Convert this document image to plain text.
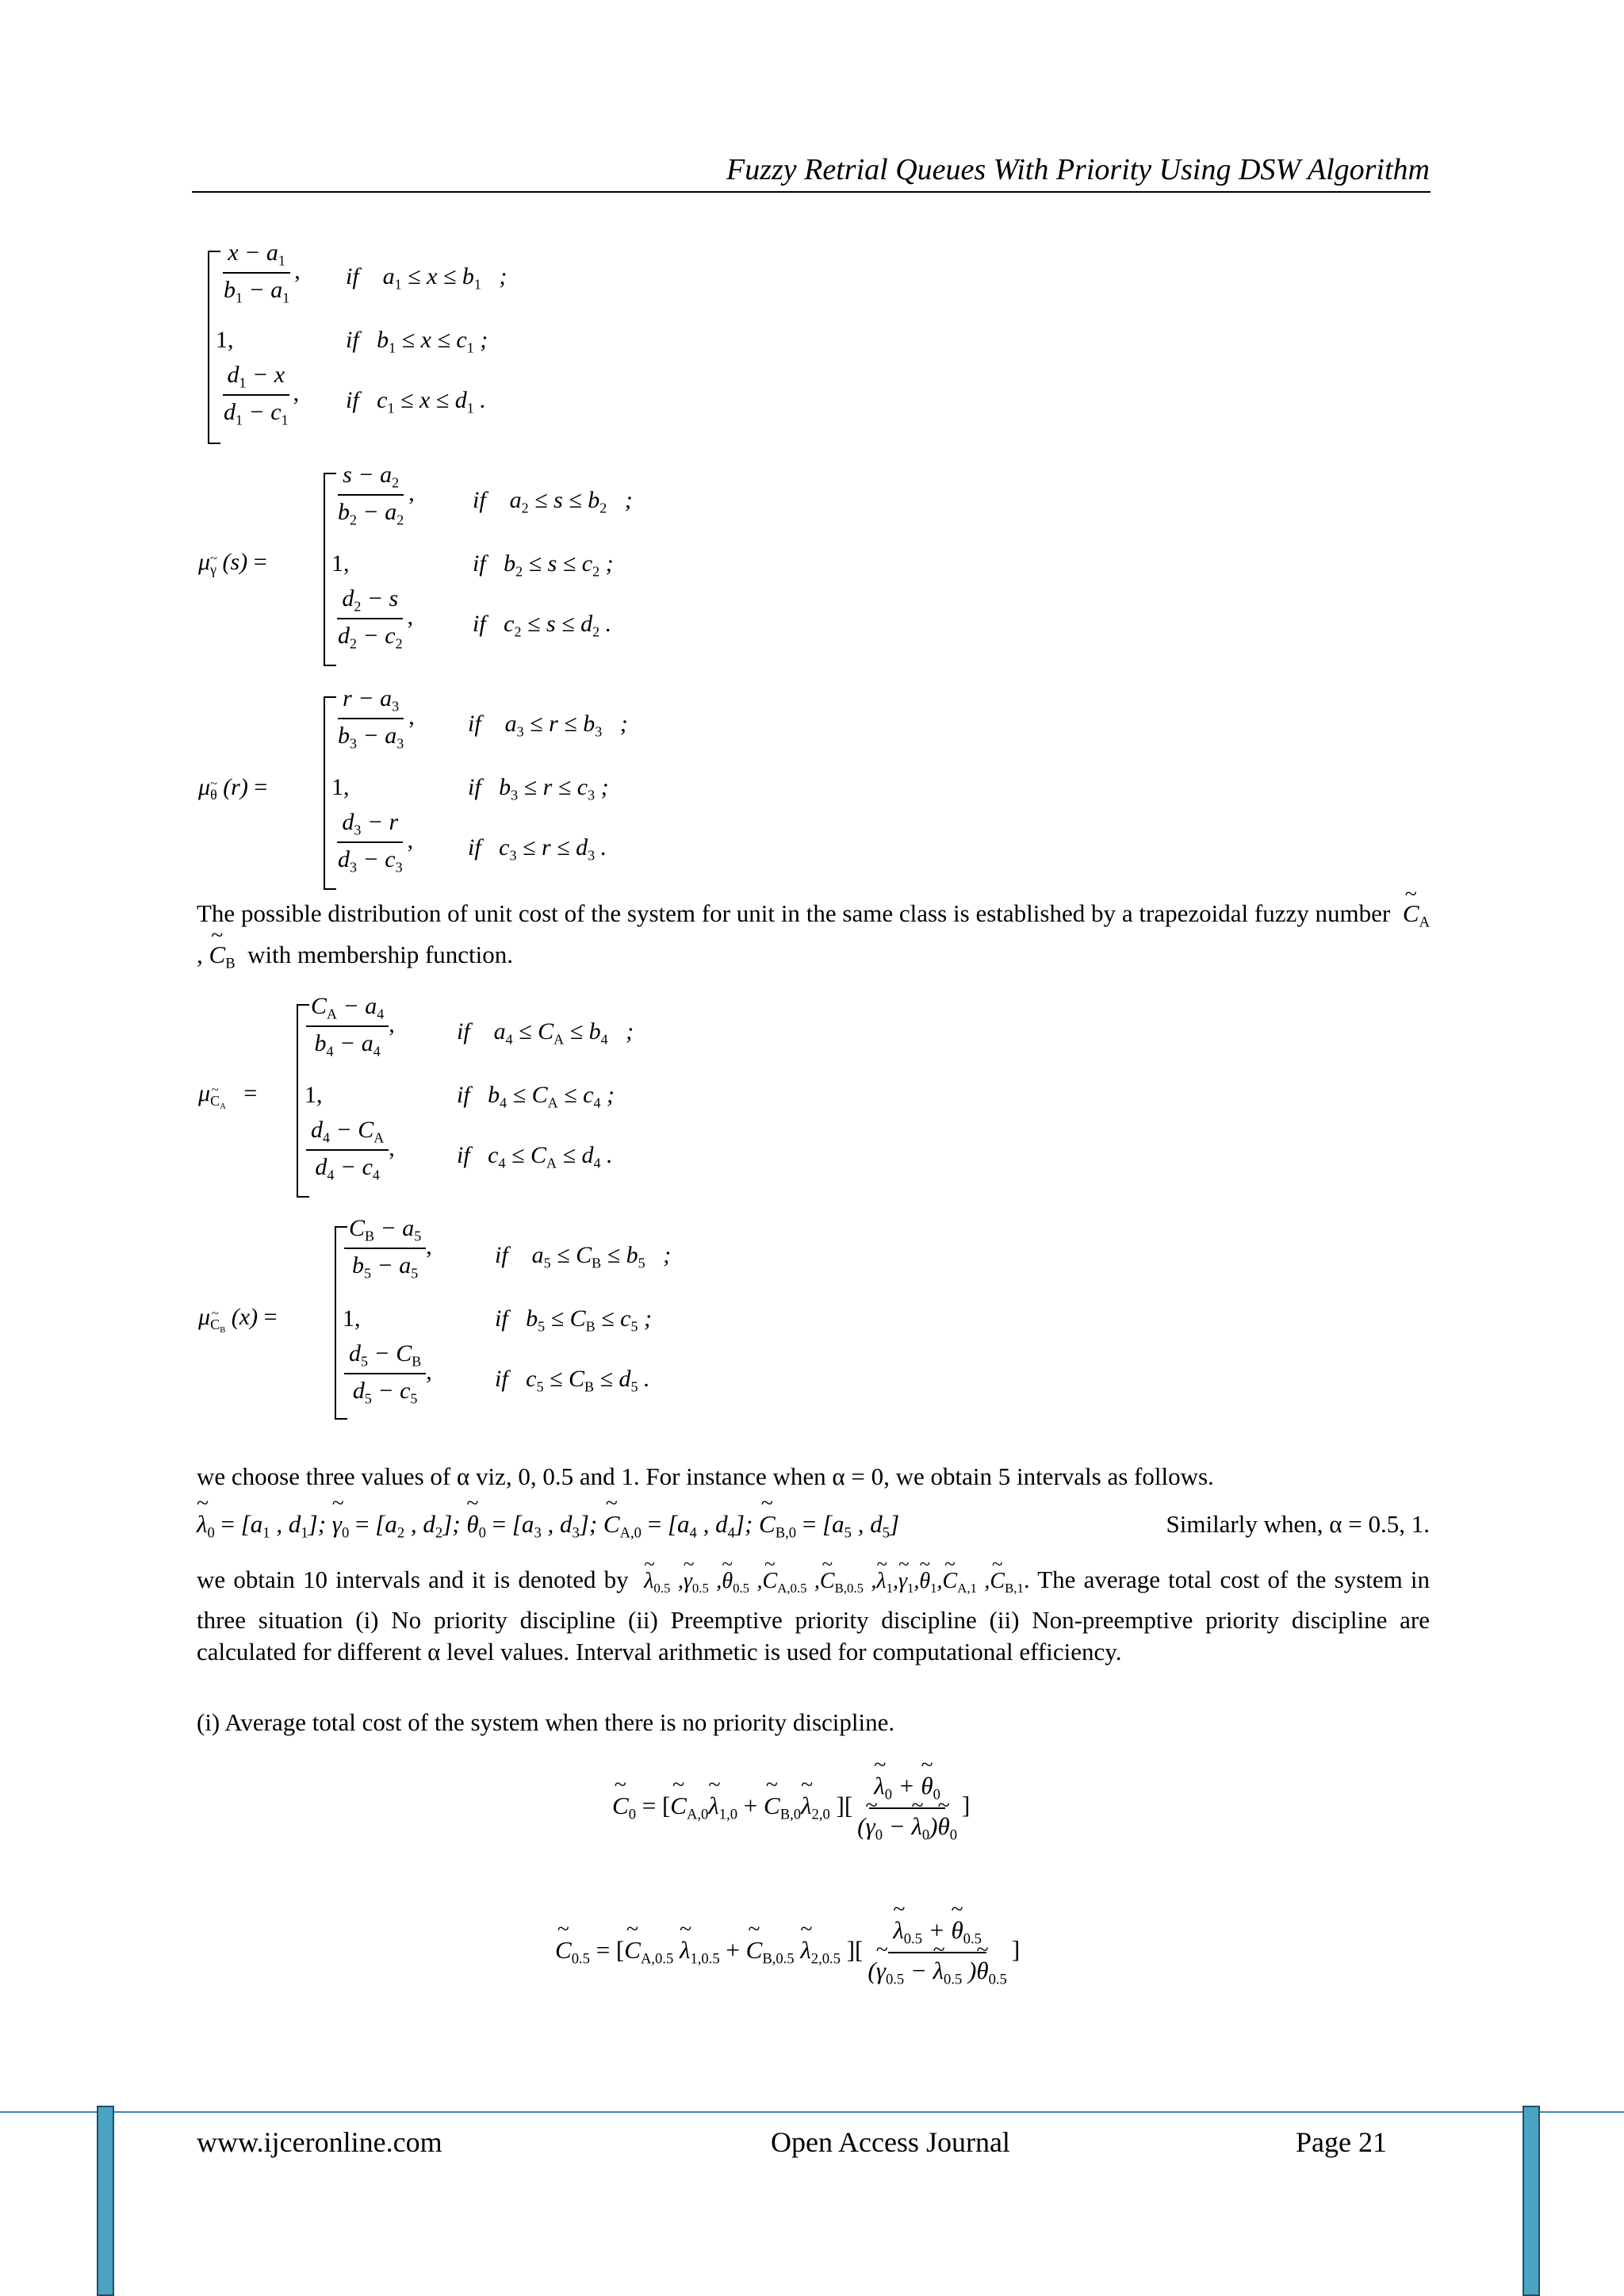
Fuzzy Retrial Queues With Priority Using DSW Algorithm
$\frac{x - a_1}{b_1 - a_1}$ , if    $a_1 \le x \le b_1$   ;
1,	if   $b_1 \le x \le c_1$ ;
$\frac{d_1 - x}{d_1 - c_1}$ , if   $c_1 \le x \le d_1$ .
μ~ $_\gamma$ (s) =
$\frac{s - a_2}{b_2 - a_2}$ , if    $a_2 \le s \le b_2$   ;
1,	if   $b_2 \le s \le c_2$ ;
$\frac{d_2 - s}{d_2 - c_2}$ , if   $c_2 \le s \le d_2$ .
μ~ $_\theta$ (r) =
$\frac{r - a_3}{b_3 - a_3}$ , if    $a_3 \le r \le b_3$   ;
1,	if   $b_3 \le r \le c_3$ ;
$\frac{d_3 - r}{d_3 - c_3}$ , if   $c_3 \le r \le d_3$ .
The possible distribution of unit cost of the system for unit in the same class is established by a trapezoidal fuzzy number ~ $C_A$ , ~ $C_B$ with membership function.
μ~ $_{C_A}$   =
$\frac{C_A - a_4}{b_4 - a_4}$ ,	if    $a_4 \le C_A \le b_4$   ;
1,	if   $b_4 \le C_A \le c_4$ ;
$\frac{d_4 - C_A}{d_4 - c_4}$ ,	if   $c_4 \le C_A \le d_4$ .
μ~ $_{C_B}$ (x) =
$\frac{C_B - a_5}{b_5 - a_5}$ ,	if    $a_5 \le C_B \le b_5$   ;
1,	if   $b_5 \le C_B \le c_5$ ;
$\frac{d_5 - C_B}{d_5 - c_5}$ ,	if   $c_5 \le C_B \le d_5$ .
we choose three values of α viz, 0, 0.5 and 1. For instance when α = 0, we obtain 5 intervals as follows.
~ $\lambda_0 = [a_1$ , $d_1$]; ~ $\gamma_0 = [a_2$ , $d_2$]; ~ $\theta_0 = [a_3$ , $d_3$]; ~ $C_{A,0} = [a_4$ , $d_4$]; ~ $C_{B,0} = [a_5$ , $d_5$]	Similarly when, α = 0.5, 1.
we obtain 10 intervals and it is denoted by ~ $\lambda_{0.5}$ ,~ $\gamma_{0.5}$ ,~ $\theta_{0.5}$ ,~ $C_{A,0.5}$ ,~ $C_{B,0.5}$ ,~ $\lambda_1,\sim$ $\gamma_1,\sim$ $\theta_1,\sim$ $C_{A,1}$ ,~ $C_{B,1}$. The average total cost of the system in three situation (i) No priority discipline (ii) Preemptive priority discipline (ii) Non-preemptive priority discipline are calculated for different α level values. Interval arithmetic is used for computational efficiency.
(i) Average total cost of the system when there is no priority discipline.
~ $C_0$ = [~ $C_{A,0}\sim$ $\lambda_{1,0}$ + ~ $C_{B,0}\sim$ $\lambda_{2,0}$ ][ ~ $\frac{\lambda_0 + \sim \theta_0}{(\sim \gamma_0 - \sim \lambda_0)\sim \theta_0}$ ]
~ $C_{0.5}$ = [~ $C_{A,0.5}$ ~ $\lambda_{1,0.5}$ + ~ $C_{B,0.5}$ ~ $\lambda_{2,0.5}$ ][ ~ $\frac{\lambda_{0.5} + \sim \theta_{0.5}}{(\sim \gamma_{0.5} - \sim \lambda_{0.5} )\sim \theta_{0.5}}$ ]
www.ijceronline.com	Open Access Journal	Page 21
